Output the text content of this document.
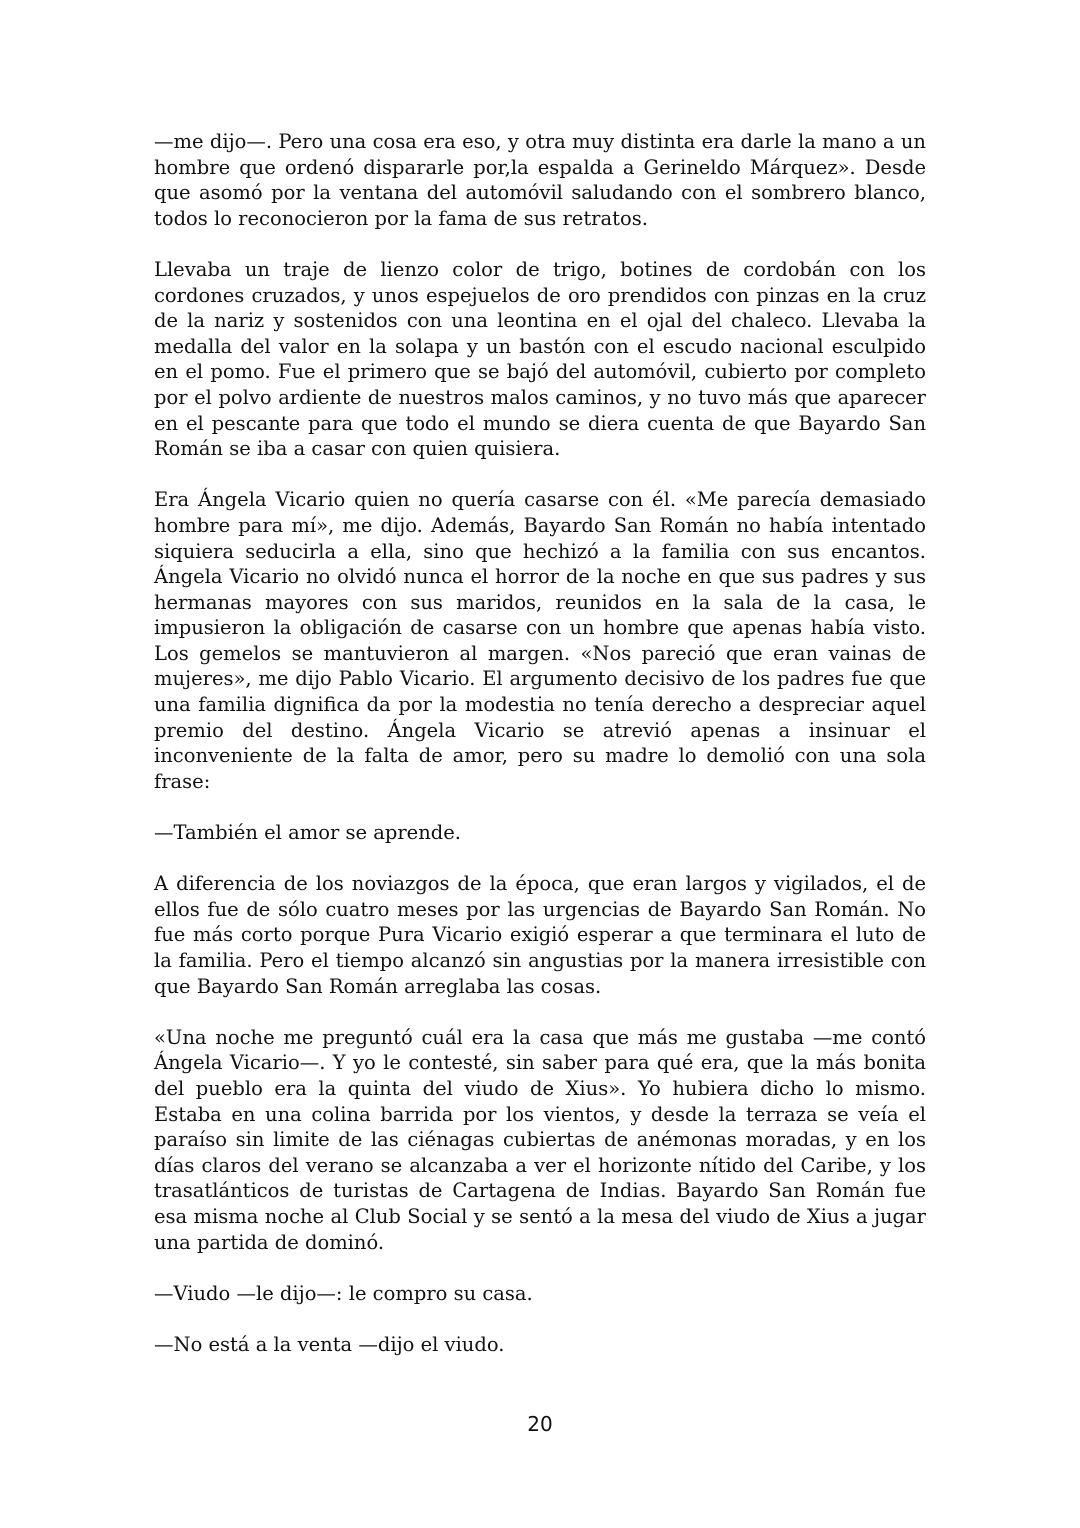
—me dijo—. Pero una cosa era eso, y otra muy distinta era darle la mano a un hombre que ordenó dispararle por,la espalda a Gerineldo Márquez». Desde que asomó por la ventana del automóvil saludando con el sombrero blanco, todos lo reconocieron por la fama de sus retratos.

Llevaba un traje de lienzo color de trigo, botines de cordobán con los cordones cruzados, y unos espejuelos de oro prendidos con pinzas en la cruz de la nariz y sostenidos con una leontina en el ojal del chaleco. Llevaba la medalla del valor en la solapa y un bastón con el escudo nacional esculpido en el pomo. Fue el primero que se bajó del automóvil, cubierto por completo por el polvo ardiente de nuestros malos caminos, y no tuvo más que aparecer en el pescante para que todo el mundo se diera cuenta de que Bayardo San Román se iba a casar con quien quisiera.

Era Ángela Vicario quien no quería casarse con él. «Me parecía demasiado hombre para mí», me dijo. Además, Bayardo San Román no había intentado siquiera seducirla a ella, sino que hechizó a la familia con sus encantos. Ángela Vicario no olvidó nunca el horror de la noche en que sus padres y sus hermanas mayores con sus maridos, reunidos en la sala de la casa, le impusieron la obligación de casarse con un hombre que apenas había visto. Los gemelos se mantuvieron al margen. «Nos pareció que eran vainas de mujeres», me dijo Pablo Vicario. El argumento decisivo de los padres fue que una familia dignifica da por la modestia no tenía derecho a despreciar aquel premio del destino. Ángela Vicario se atrevió apenas a insinuar el inconveniente de la falta de amor, pero su madre lo demolió con una sola frase:

—También el amor se aprende.

A diferencia de los noviazgos de la época, que eran largos y vigilados, el de ellos fue de sólo cuatro meses por las urgencias de Bayardo San Román. No fue más corto porque Pura Vicario exigió esperar a que terminara el luto de la familia. Pero el tiempo alcanzó sin angustias por la manera irresistible con que Bayardo San Román arreglaba las cosas.

«Una noche me preguntó cuál era la casa que más me gustaba —me contó Ángela Vicario—. Y yo le contesté, sin saber para qué era, que la más bonita del pueblo era la quinta del viudo de Xius». Yo hubiera dicho lo mismo. Estaba en una colina barrida por los vientos, y desde la terraza se veía el paraíso sin limite de las ciénagas cubiertas de anémonas moradas, y en los días claros del verano se alcanzaba a ver el horizonte nítido del Caribe, y los trasatlánticos de turistas de Cartagena de Indias. Bayardo San Román fue esa misma noche al Club Social y se sentó a la mesa del viudo de Xius a jugar una partida de dominó.

—Viudo —le dijo—: le compro su casa.

—No está a la venta —dijo el viudo.

20
